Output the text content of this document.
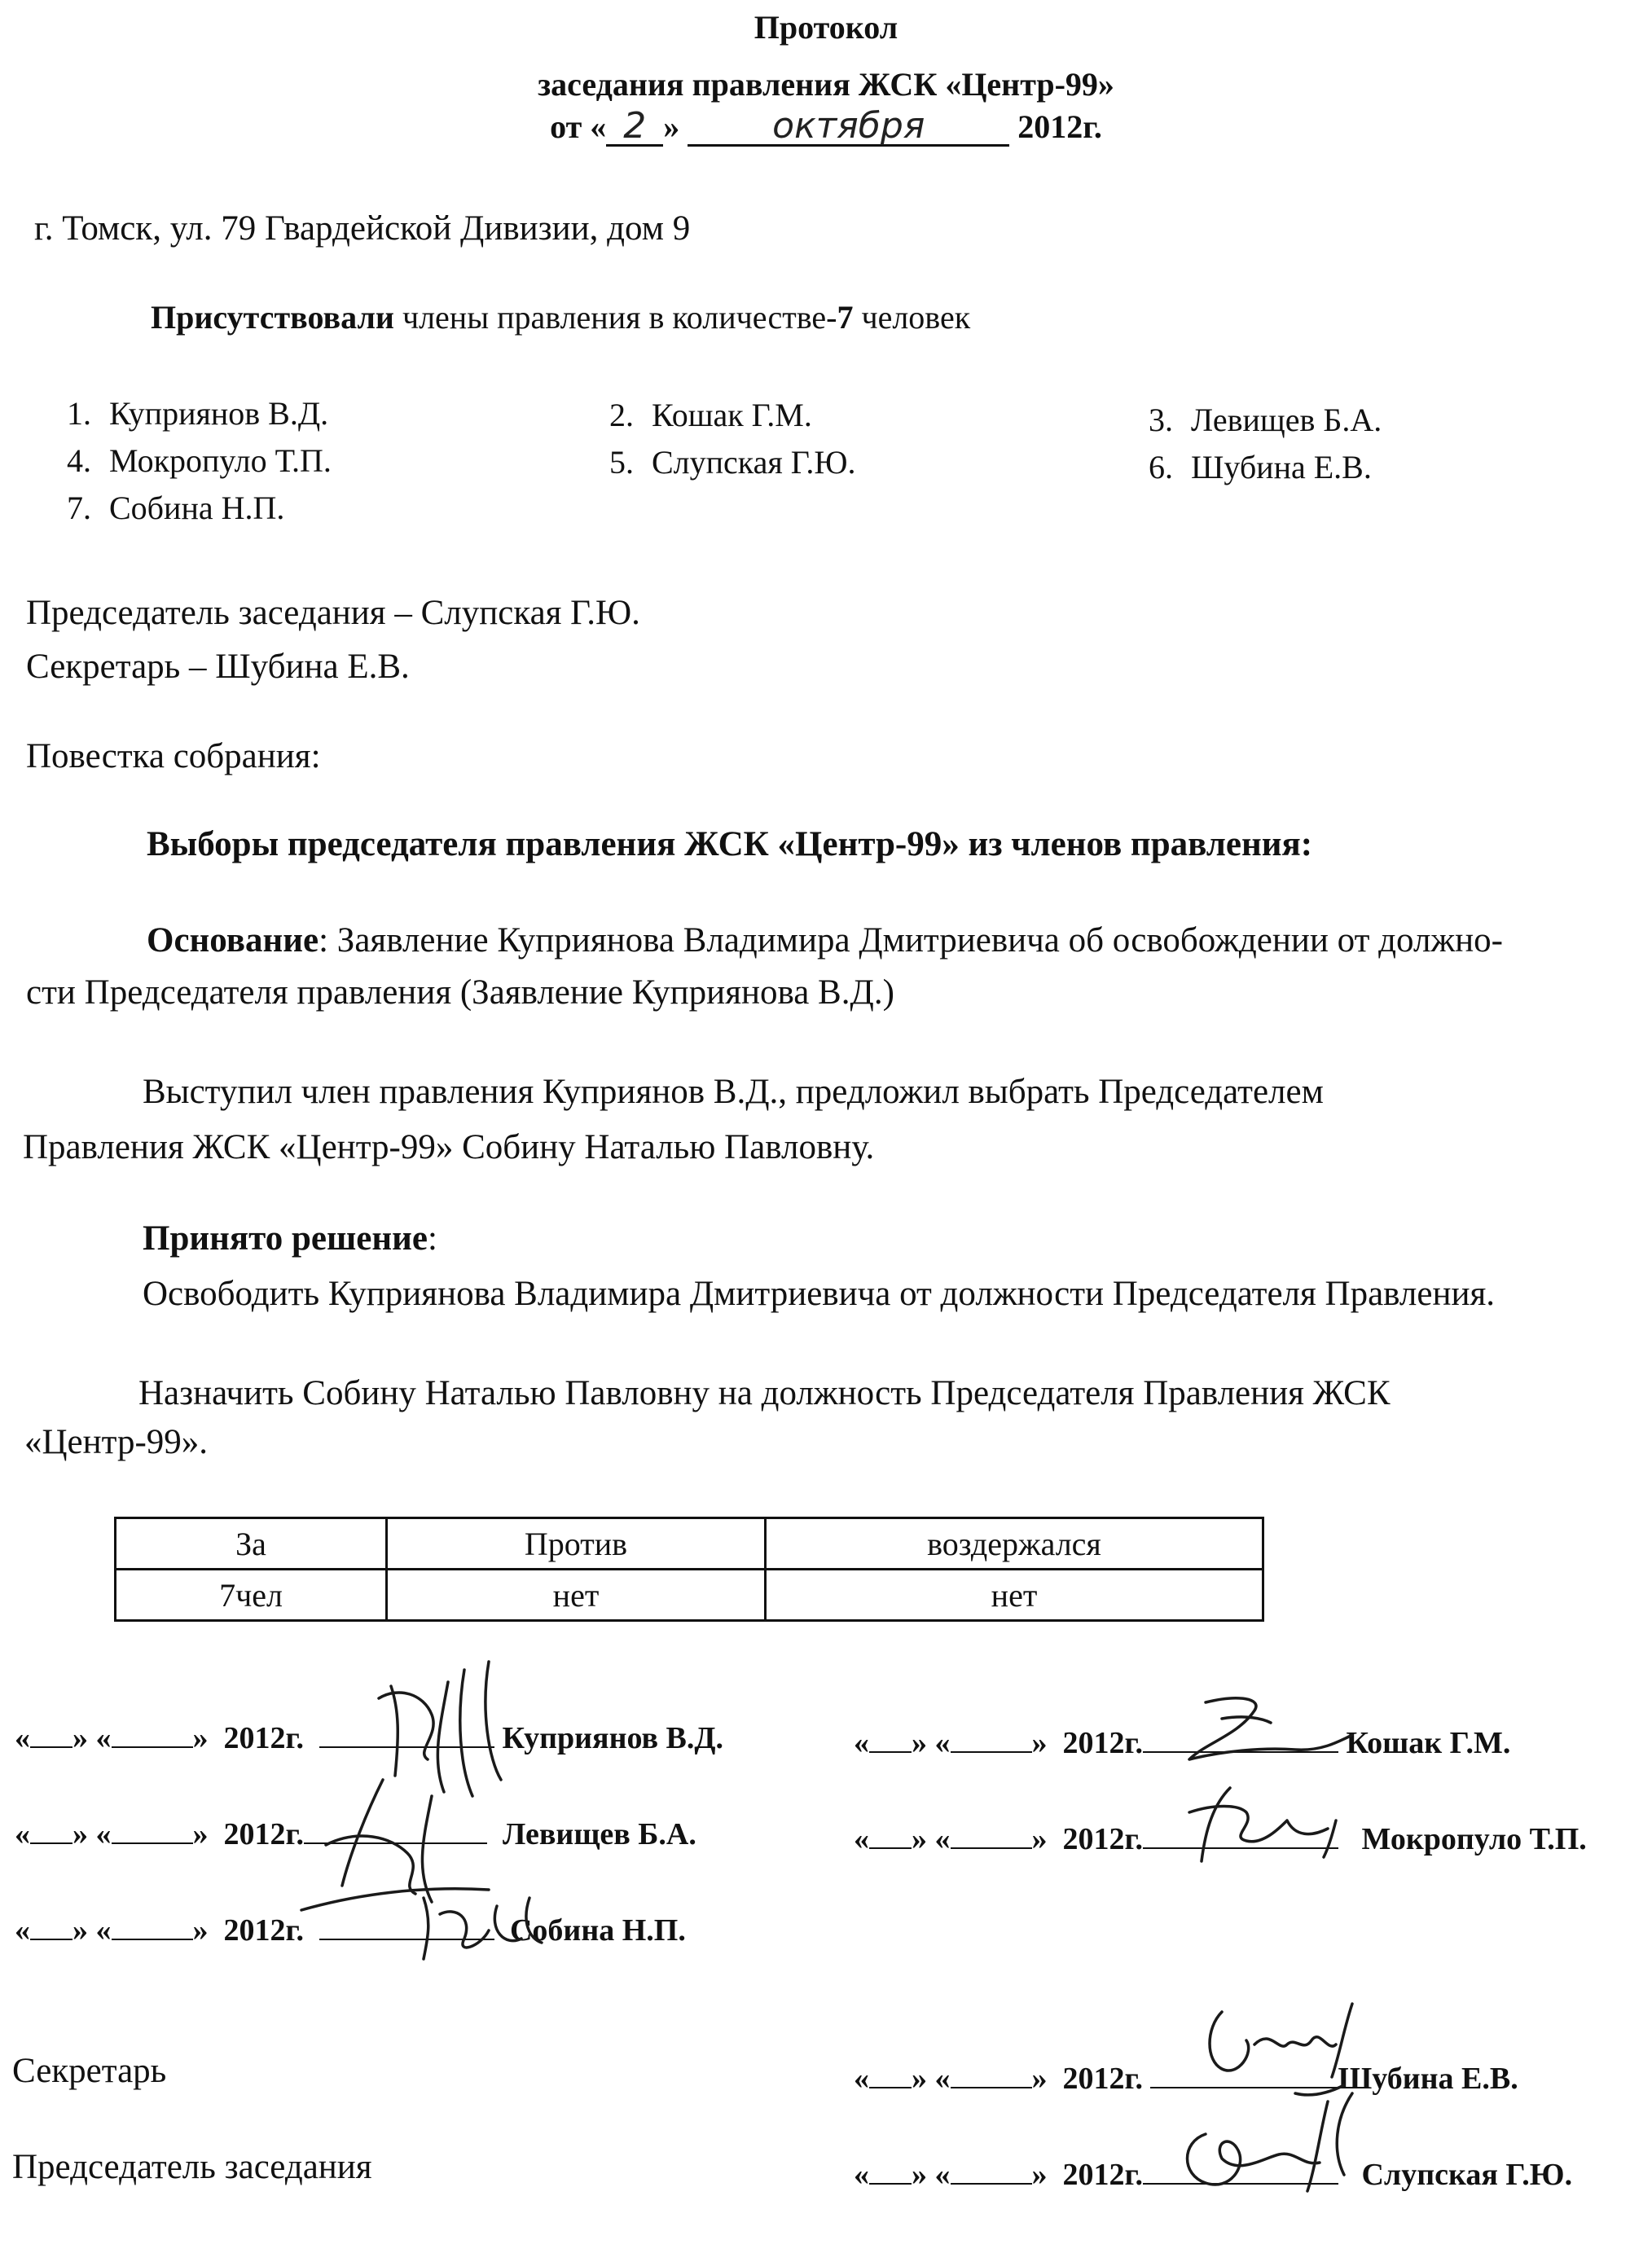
Протокол
заседания правления ЖСК «Центр-99»
от « 2 »	октября	2012г.
г. Томск, ул. 79 Гвардейской Дивизии, дом 9
Присутствовали члены правления в количестве-7 человек
1. Куприянов В.Д.
4. Мокропуло Т.П.
7. Собина Н.П.
2. Кошак Г.М.
5. Слупская Г.Ю.
3. Левищев Б.А.
6. Шубина Е.В.
Председатель заседания – Слупская Г.Ю.
Секретарь – Шубина Е.В.
Повестка собрания:
Выборы председателя правления ЖСК «Центр-99» из членов правления:
Основание: Заявление Куприянова Владимира Дмитриевича об освобождении от должно-
сти Председателя правления (Заявление Куприянова В.Д.)
Выступил член правления Куприянов В.Д., предложил выбрать Председателем
Правления ЖСК «Центр-99» Собину Наталью Павловну.
Принято решение:
Освободить Куприянова Владимира Дмитриевича от должности Председателя Правления.
Назначить Собину Наталью Павловну на должность Председателя Правления ЖСК
«Центр-99».
За	Против	воздержался
7чел	нет	нет
« » «	» 2012г.	Куприянов В.Д.
« » «	» 2012г.	Левищев Б.А.
« » «	» 2012г.	Собина Н.П.
« » «	» 2012г.	Кошак Г.М.
« » «	» 2012г.	Мокропуло Т.П.
Секретарь	« » «	» 2012г.	Шубина Е.В.
Председатель заседания	« » «	» 2012г.	Слупская Г.Ю.
